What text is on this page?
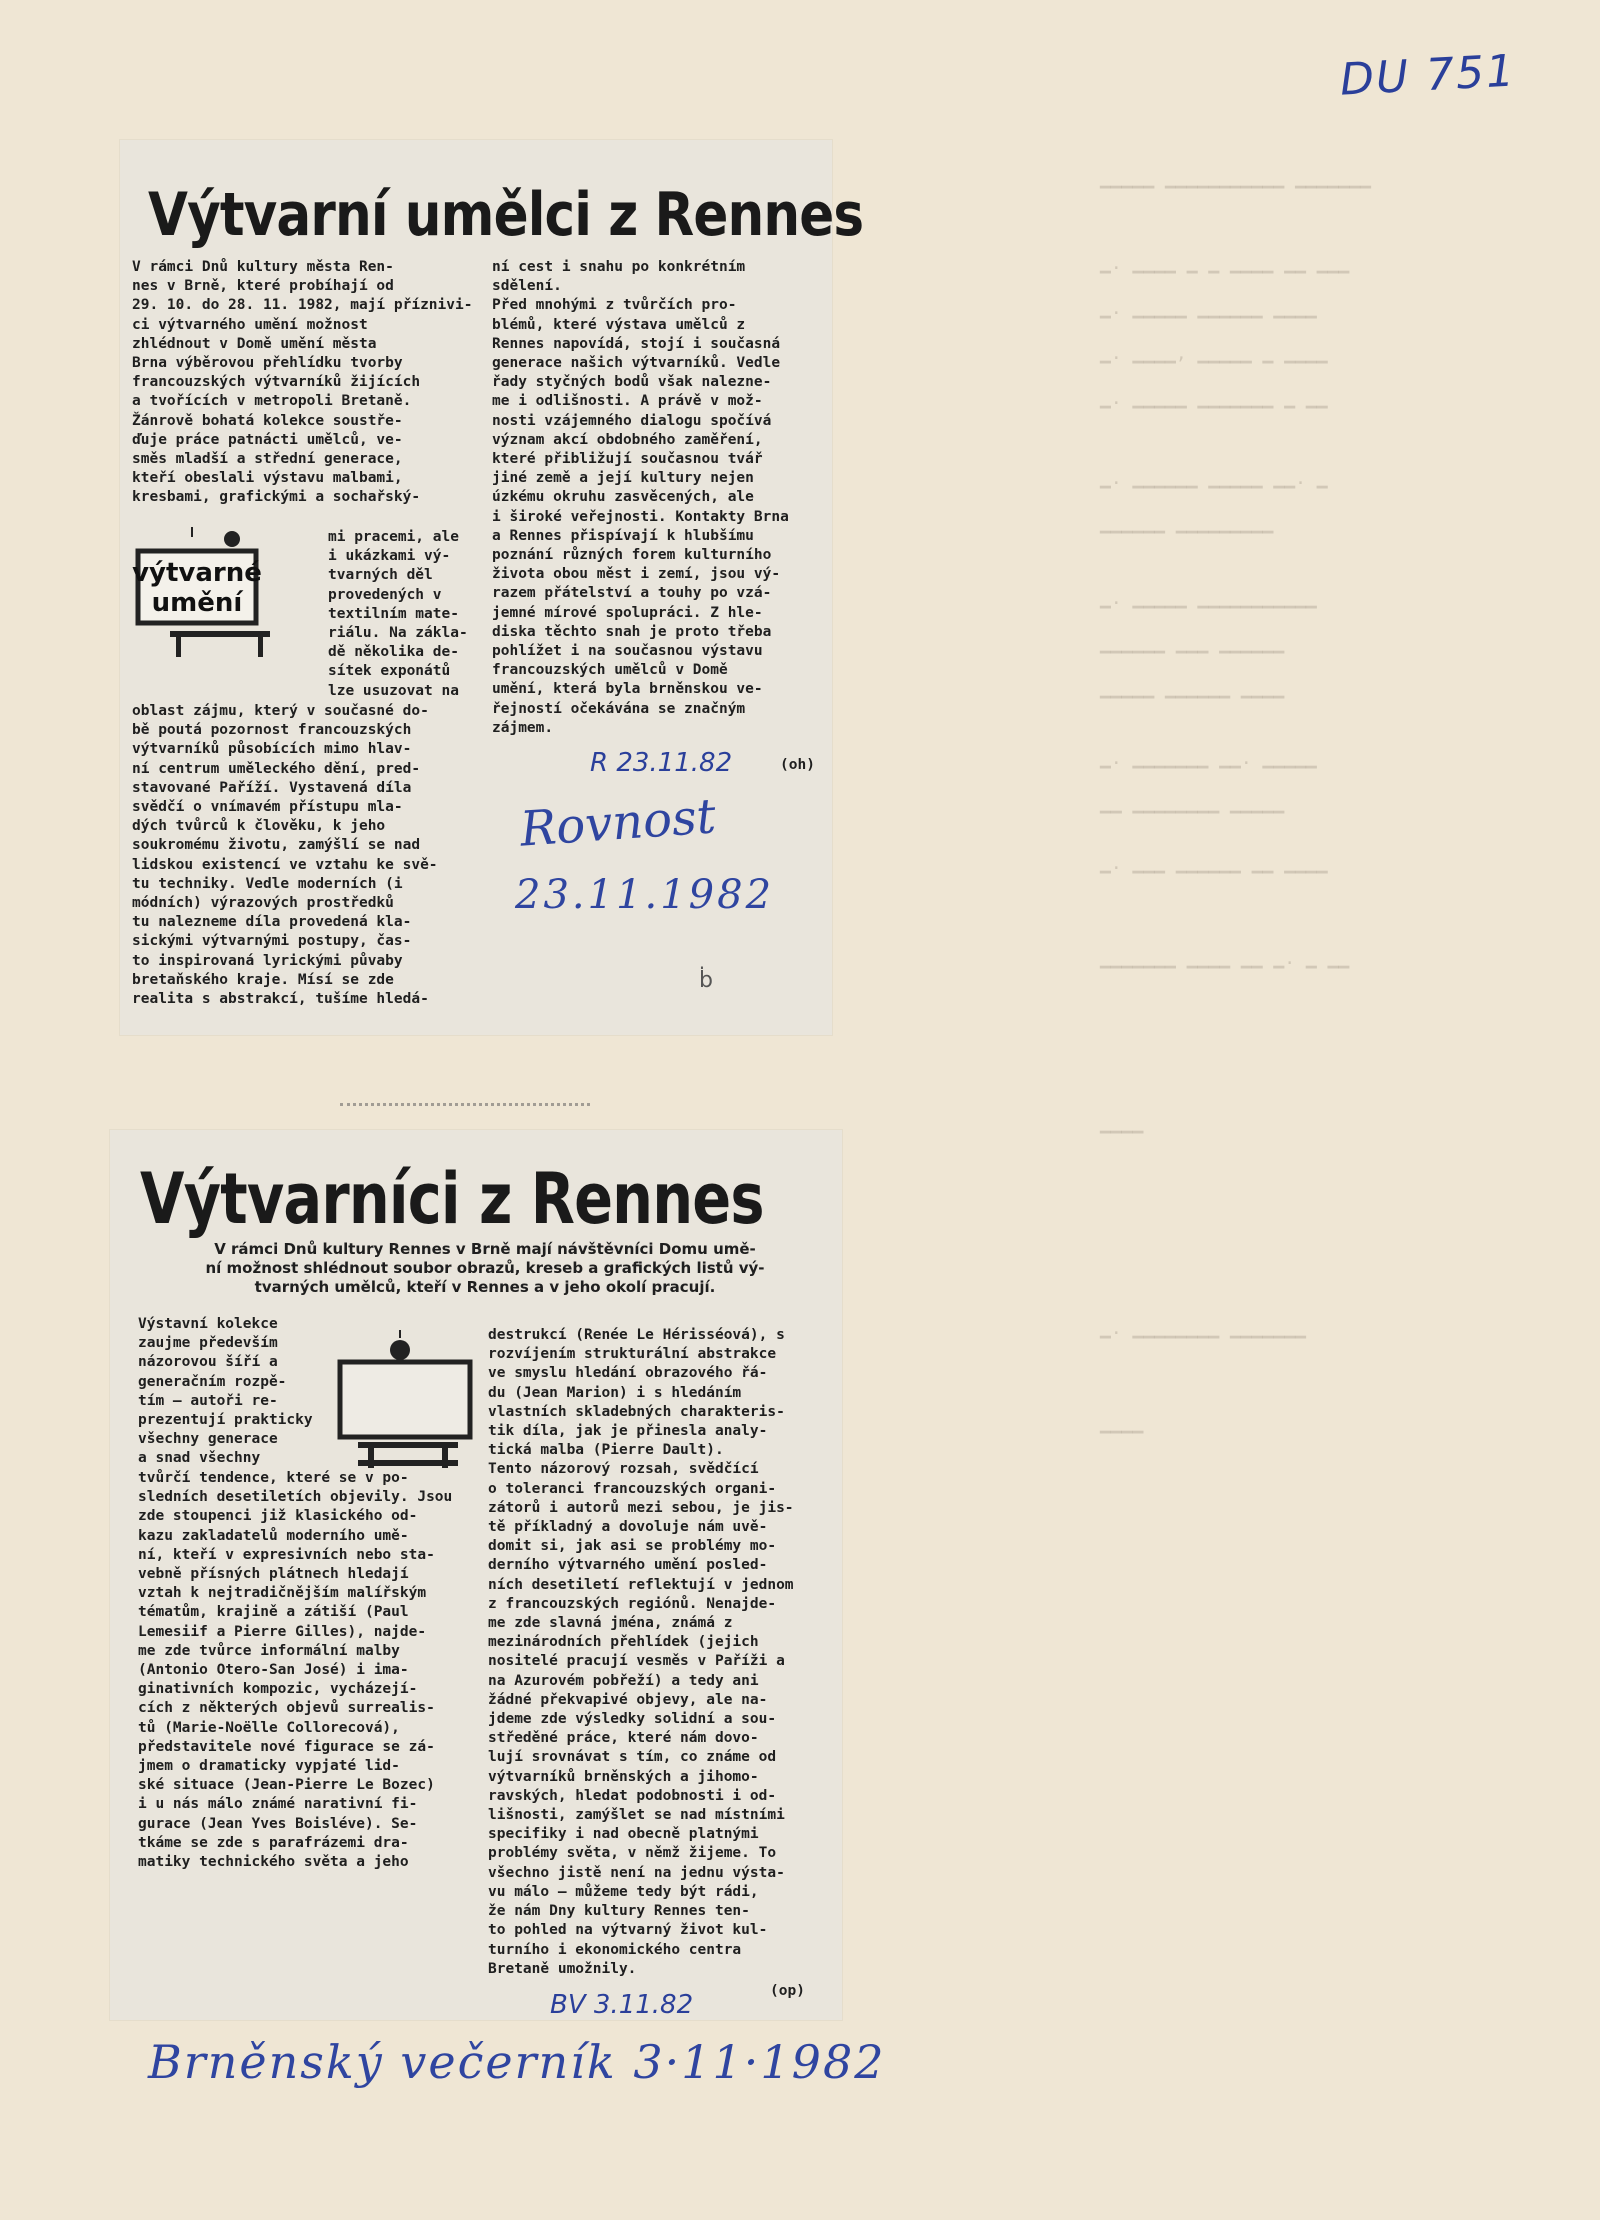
▁▁▁▁▁ ▁▁▁▁▁▁▁▁▁▁▁ ▁▁▁▁▁▁▁
▁. ▁▁▁▁ ▁ ▁ ▁▁▁▁ ▁▁ ▁▁▁
▁. ▁▁▁▁▁ ▁▁▁▁▁▁ ▁▁▁▁
▁. ▁▁▁▁, ▁▁▁▁▁ ▁ ▁▁▁▁
▁. ▁▁▁▁▁ ▁▁▁▁▁▁▁ ▁ ▁▁
▁. ▁▁▁▁▁▁ ▁▁▁▁▁ ▁▁. ▁
▁▁▁▁▁▁ ▁▁▁▁▁▁▁▁▁
▁. ▁▁▁▁▁ ▁▁▁▁▁▁▁▁▁▁▁
▁▁▁▁▁▁ ▁▁▁ ▁▁▁▁▁▁
▁▁▁▁▁ ▁▁▁▁▁▁ ▁▁▁▁
▁. ▁▁▁▁▁▁▁ ▁▁. ▁▁▁▁▁
▁▁ ▁▁▁▁▁▁▁▁ ▁▁▁▁▁
▁. ▁▁▁ ▁▁▁▁▁▁ ▁▁ ▁▁▁▁
▁▁▁▁▁▁▁ ▁▁▁▁ ▁▁ ▁. ▁ ▁▁
▁▁▁▁
▁. ▁▁▁▁▁▁▁▁ ▁▁▁▁▁▁▁
▁▁▁▁
DU 751
Výtvarní umělci z Rennes
V rámci Dnů kultury města Ren-
nes v Brně, které probíhají od
29. 10. do 28. 11. 1982, mají příznivi-
ci výtvarného umění možnost
zhlédnout v Domě umění města
Brna výběrovou přehlídku tvorby
francouzských výtvarníků žijících
a tvořících v metropoli Bretaně.
Žánrově bohatá kolekce soustře-
ďuje práce patnácti umělců, ve-
směs mladší a střední generace,
kteří obeslali výstavu malbami,
kresbami, grafickými a sochařský-
výtvarné
umění
mi pracemi, ale
i ukázkami vý-
tvarných děl
provedených v
textilním mate-
riálu. Na zákla-
dě několika de-
sítek exponátů
lze usuzovat na
oblast zájmu, který v současné do-
bě poutá pozornost francouzských
výtvarníků působících mimo hlav-
ní centrum uměleckého dění, pred-
stavované Paříží. Vystavená díla
svědčí o vnímavém přístupu mla-
dých tvůrců k člověku, k jeho
soukromému životu, zamýšlí se nad
lidskou existencí ve vztahu ke svě-
tu techniky. Vedle moderních (i
módních) výrazových prostředků
tu nalezneme díla provedená kla-
sickými výtvarnými postupy, čas-
to inspirovaná lyrickými půvaby
bretaňského kraje. Mísí se zde
realita s abstrakcí, tušíme hledá-
ní cest i snahu po konkrétním
sdělení.
Před mnohými z tvůrčích pro-
blémů, které výstava umělců z
Rennes napovídá, stojí i současná
generace našich výtvarníků. Vedle
řady styčných bodů však nalezne-
me i odlišnosti. A právě v mož-
nosti vzájemného dialogu spočívá
význam akcí obdobného zaměření,
které přibližují současnou tvář
jiné země a její kultury nejen
úzkému okruhu zasvěcených, ale
i široké veřejnosti. Kontakty Brna
a Rennes přispívají k hlubšímu
poznání různých forem kulturního
života obou měst i zemí, jsou vý-
razem přátelství a touhy po vzá-
jemné mírové spolupráci. Z hle-
diska těchto snah je proto třeba
pohlížet i na současnou výstavu
francouzských umělců v Domě
umění, která byla brněnskou ve-
řejností očekávána se značným
zájmem.
R 23.11.82	(oh)
Rovnost
23.11.1982
ḃ
Výtvarníci z Rennes
V rámci Dnů kultury Rennes v Brně mají návštěvníci Domu umě-
ní možnost shlédnout soubor obrazů, kreseb a grafických listů vý-
tvarných umělců, kteří v Rennes a v jeho okolí pracují.
Výstavní kolekce
zaujme především
názorovou šíří a
generačním rozpě-
tím — autoři re-
prezentují prakticky
všechny generace
a snad všechny
tvůrčí tendence, které se v po-
sledních desetiletích objevily. Jsou
zde stoupenci již klasického od-
kazu zakladatelů moderního umě-
ní, kteří v expresivních nebo sta-
vebně přísných plátnech hledají
vztah k nejtradičnějším malířským
tématům, krajině a zátiší (Paul
Lemesiif a Pierre Gilles), najde-
me zde tvůrce informální malby
(Antonio Otero-San José) i ima-
ginativních kompozic, vycházejí-
cích z některých objevů surrealis-
tů (Marie-Noëlle Collorecová),
představitele nové figurace se zá-
jmem o dramaticky vypjaté lid-
ské situace (Jean-Pierre Le Bozec)
i u nás málo známé narativní fi-
gurace (Jean Yves Boisléve). Se-
tkáme se zde s parafrázemi dra-
matiky technického světa a jeho
destrukcí (Renée Le Hérisséová), s
rozvíjením strukturální abstrakce
ve smyslu hledání obrazového řá-
du (Jean Marion) i s hledáním
vlastních skladebných charakteris-
tik díla, jak je přinesla analy-
tická malba (Pierre Dault).
Tento názorový rozsah, svědčící
o toleranci francouzských organi-
zátorů i autorů mezi sebou, je jis-
tě příkladný a dovoluje nám uvě-
domit si, jak asi se problémy mo-
derního výtvarného umění posled-
ních desetiletí reflektují v jednom
z francouzských regiónů. Nenajde-
me zde slavná jména, známá z
mezinárodních přehlídek (jejich
nositelé pracují vesměs v Paříži a
na Azurovém pobřeží) a tedy ani
žádné překvapivé objevy, ale na-
jdeme zde výsledky solidní a sou-
středěné práce, které nám dovo-
lují srovnávat s tím, co známe od
výtvarníků brněnských a jihomo-
ravských, hledat podobnosti i od-
lišnosti, zamýšlet se nad místními
specifiky i nad obecně platnými
problémy světa, v němž žijeme. To
všechno jistě není na jednu výsta-
vu málo — můžeme tedy být rádi,
že nám Dny kultury Rennes ten-
to pohled na výtvarný život kul-
turního i ekonomického centra
Bretaně umožnily.
BV 3.11.82	(op)
Brněnský večerník 3·11·1982
